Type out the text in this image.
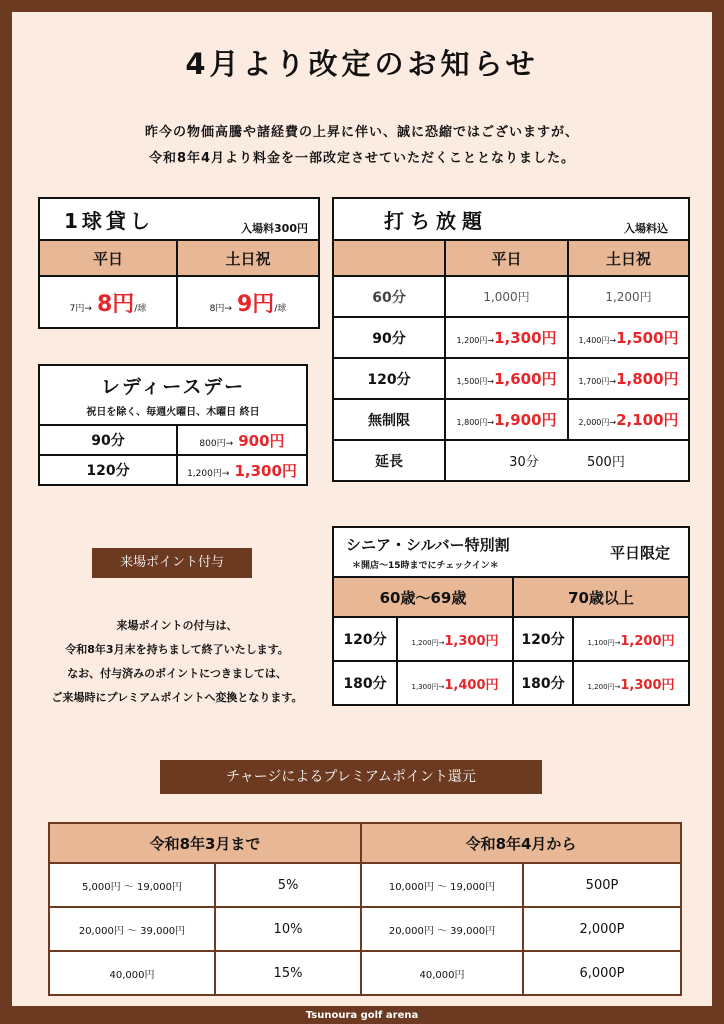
4月より改定のお知らせ
昨今の物価高騰や諸経費の上昇に伴い、誠に恐縮ではございますが、
令和8年4月より料金を一部改定させていただくこととなりました。
1球貸し 入場料300円	

平日	土日祝
7円→ 8円/球	8円→ 9円/球
打ち放題 入場料込		

	平日	土日祝
60分	1,000円	1,200円
90分	1,200円→1,300円	1,400円→1,500円
120分	1,500円→1,600円	1,700円→1,800円
無制限	1,800円→1,900円	2,000円→2,100円
延長	30分 500円	
レディースデー
祝日を除く、毎週火曜日、木曜日 終日	

90分	800円→ 900円
120分	1,200円→ 1,300円
来場ポイント付与
来場ポイントの付与は、
令和8年3月末を持ちまして終了いたします。
なお、付与済みのポイントにつきましては、
ご来場時にプレミアムポイントへ変換となります。
シニア・シルバー特別割
＊開店～15時までにチェックイン＊
平日限定			

60歳～69歳		70歳以上	
120分	1,200円→1,300円	120分	1,100円→1,200円
180分	1,300円→1,400円	180分	1,200円→1,300円
チャージによるプレミアムポイント還元
令和8年3月まで		令和8年4月から	
5,000円 ～ 19,000円	5%	10,000円 ～ 19,000円	500P
20,000円 ～ 39,000円	10%	20,000円 ～ 39,000円	2,000P
40,000円	15%	40,000円	6,000P
Tsunoura golf arena
